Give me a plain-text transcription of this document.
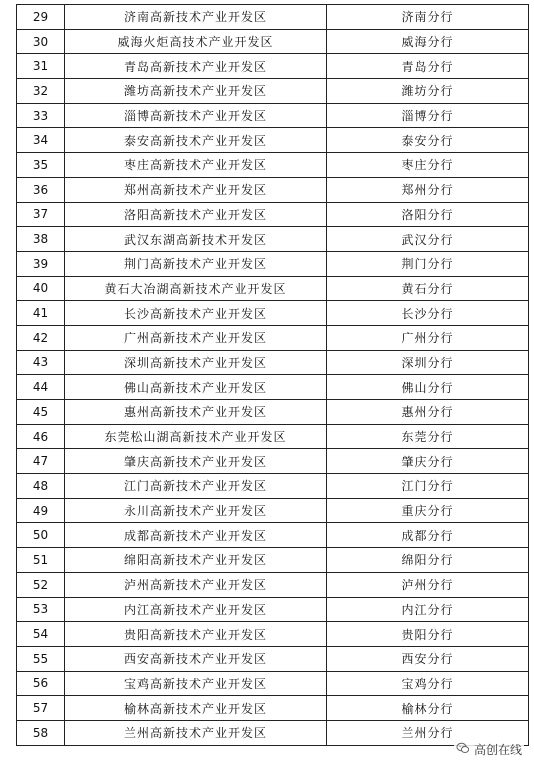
29	济南高新技术产业开发区	济南分行
30	威海火炬高技术产业开发区	威海分行
31	青岛高新技术产业开发区	青岛分行
32	潍坊高新技术产业开发区	潍坊分行
33	淄博高新技术产业开发区	淄博分行
34	泰安高新技术产业开发区	泰安分行
35	枣庄高新技术产业开发区	枣庄分行
36	郑州高新技术产业开发区	郑州分行
37	洛阳高新技术产业开发区	洛阳分行
38	武汉东湖高新技术开发区	武汉分行
39	荆门高新技术产业开发区	荆门分行
40	黄石大冶湖高新技术产业开发区	黄石分行
41	长沙高新技术产业开发区	长沙分行
42	广州高新技术产业开发区	广州分行
43	深圳高新技术产业开发区	深圳分行
44	佛山高新技术产业开发区	佛山分行
45	惠州高新技术产业开发区	惠州分行
46	东莞松山湖高新技术产业开发区	东莞分行
47	肇庆高新技术产业开发区	肇庆分行
48	江门高新技术产业开发区	江门分行
49	永川高新技术产业开发区	重庆分行
50	成都高新技术产业开发区	成都分行
51	绵阳高新技术产业开发区	绵阳分行
52	泸州高新技术产业开发区	泸州分行
53	内江高新技术产业开发区	内江分行
54	贵阳高新技术产业开发区	贵阳分行
55	西安高新技术产业开发区	西安分行
56	宝鸡高新技术产业开发区	宝鸡分行
57	榆林高新技术产业开发区	榆林分行
58	兰州高新技术产业开发区	兰州分行
高创在线
